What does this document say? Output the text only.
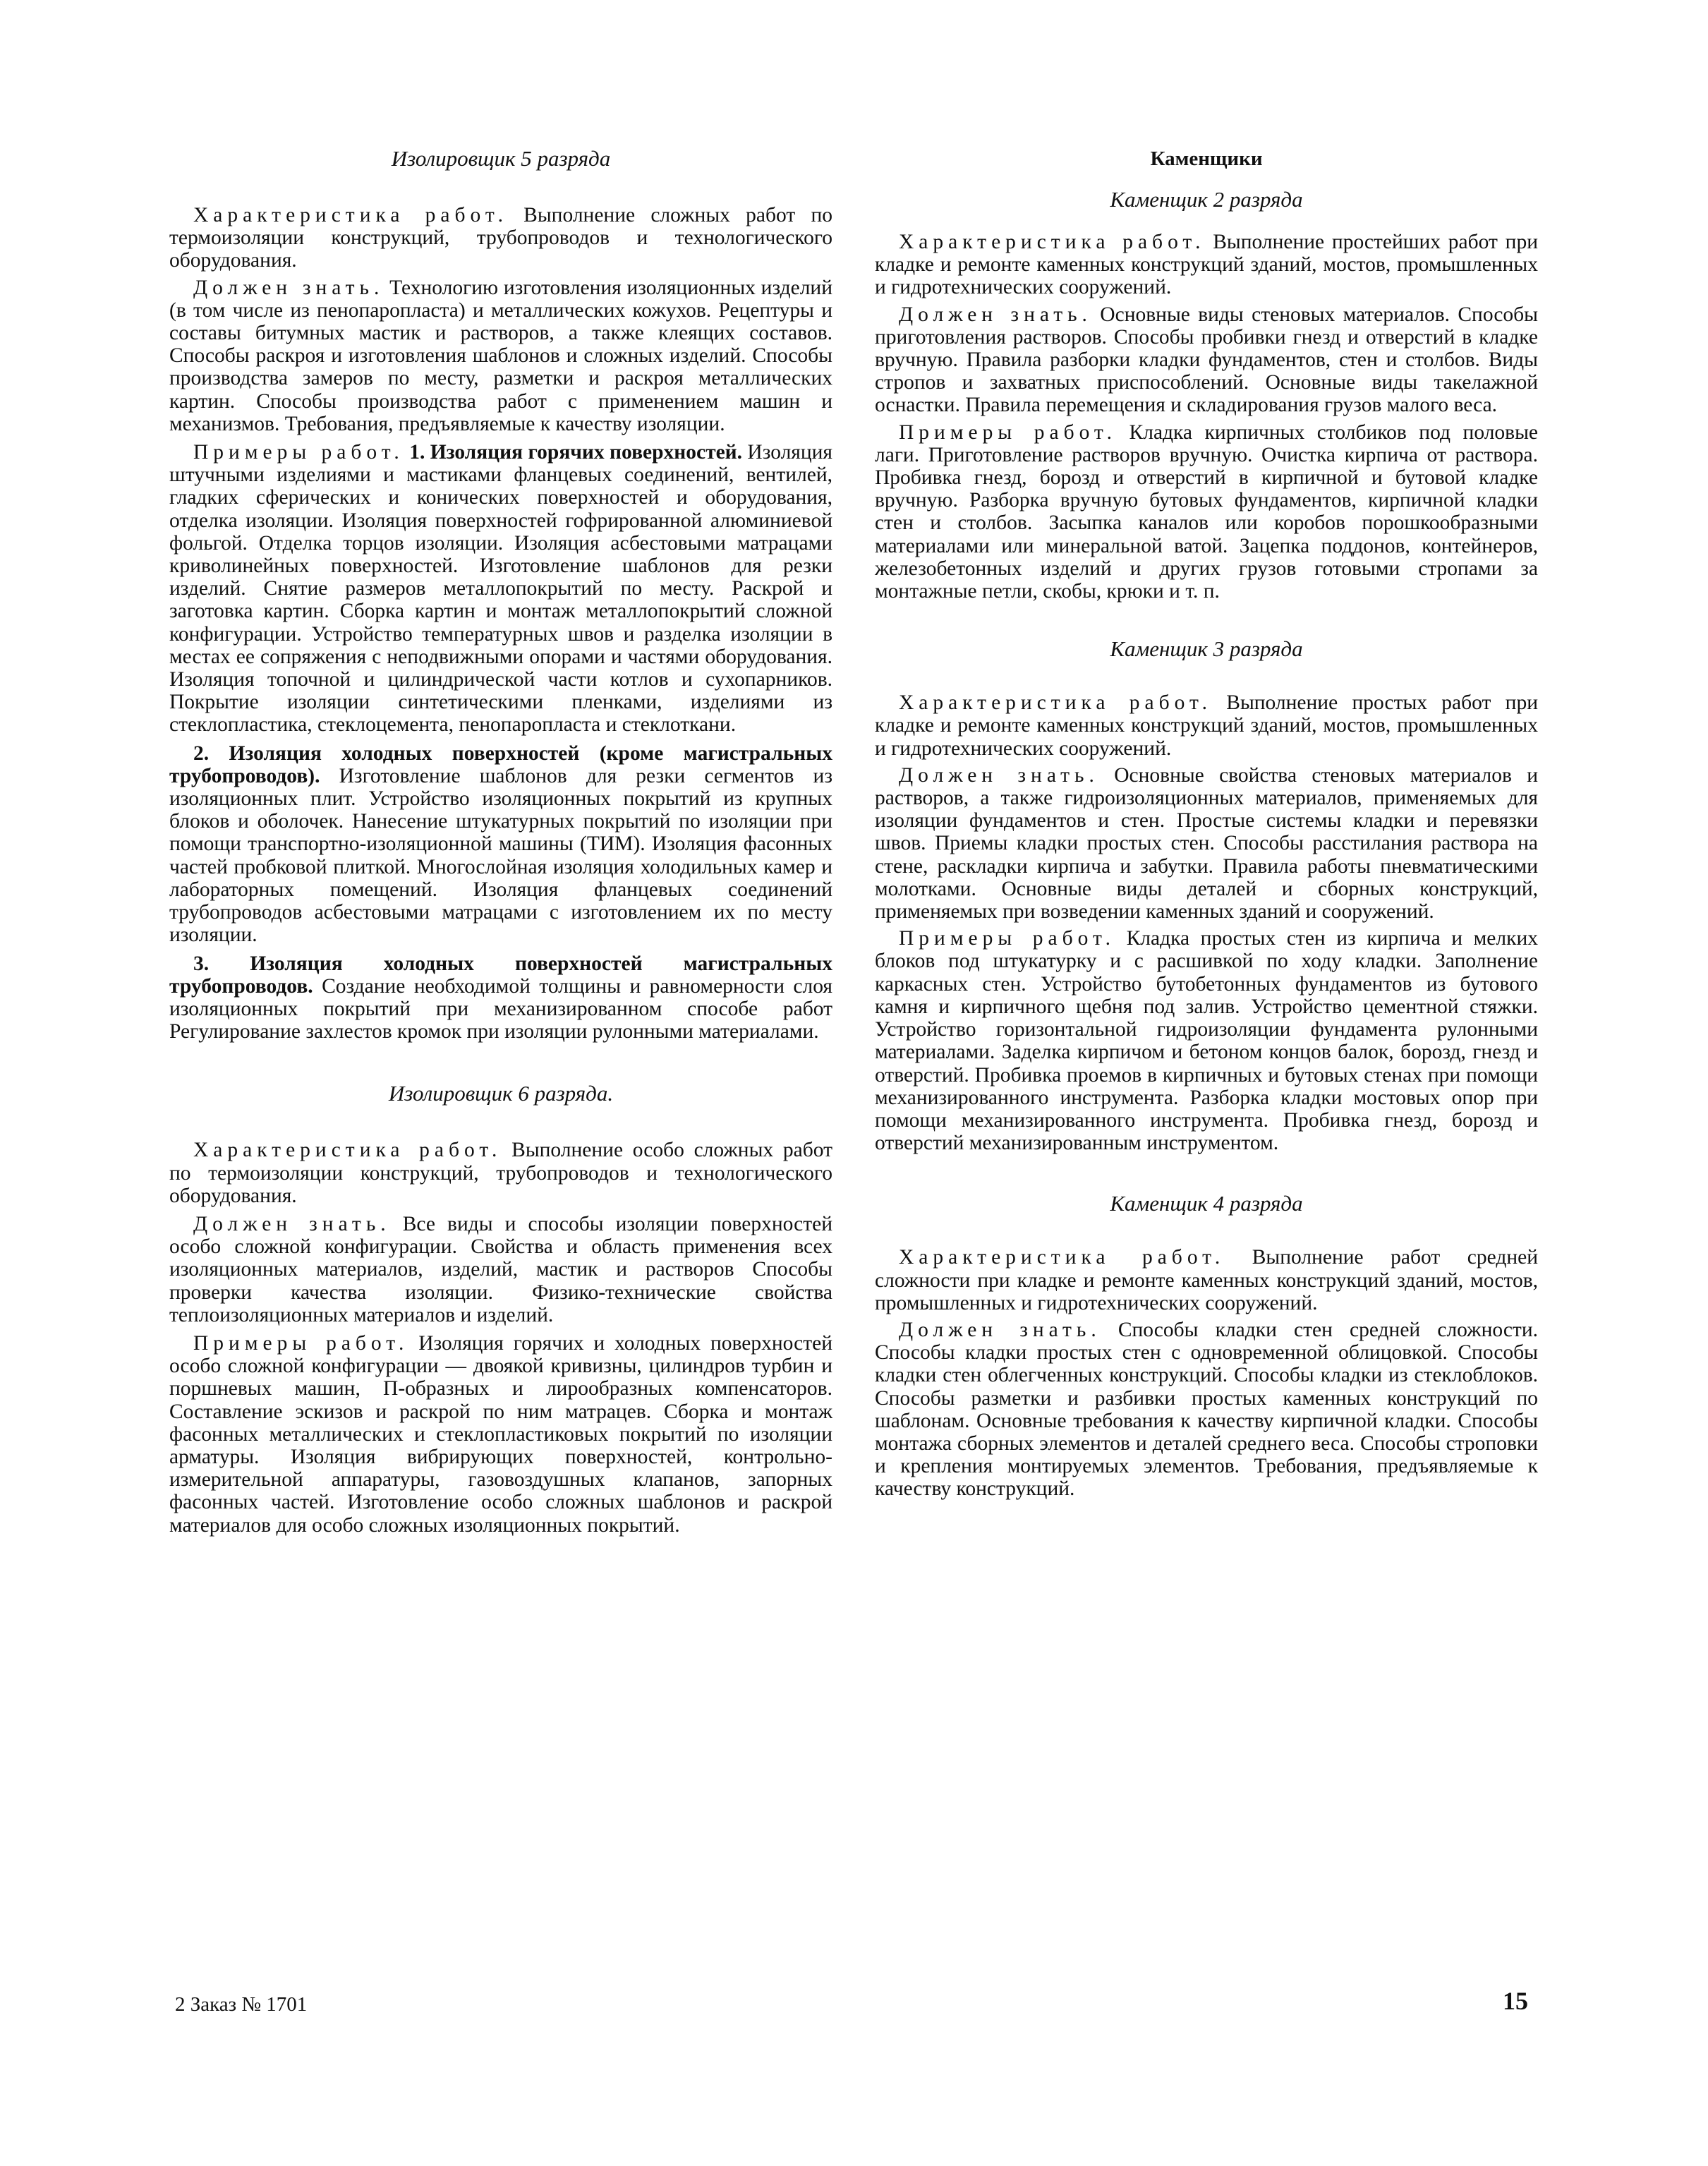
Изолировщик 5 разряда

Характеристика работ. Выполнение сложных работ по термоизоляции конструкций, трубопроводов и технологического оборудования.

Должен знать. Технологию изготовления изоляционных изделий (в том числе из пенопаропласта) и металлических кожухов. Рецептуры и составы битумных мастик и растворов, а также клеящих составов. Способы раскроя и изготовления шаблонов и сложных изделий. Способы производства замеров по месту, разметки и раскроя металлических картин. Способы производства работ с применением машин и механизмов. Требования, предъявляемые к качеству изоляции.

Примеры работ. 1. Изоляция горячих поверхностей. Изоляция штучными изделиями и мастиками фланцевых соединений, вентилей, гладких сферических и конических поверхностей и оборудования, отделка изоляции. Изоляция поверхностей гофрированной алюминиевой фольгой. Отделка торцов изоляции. Изоляция асбестовыми матрацами криволинейных поверхностей. Изготовление шаблонов для резки изделий. Снятие размеров металлопокрытий по месту. Раскрой и заготовка картин. Сборка картин и монтаж металлопокрытий сложной конфигурации. Устройство температурных швов и разделка изоляции в местах ее сопряжения с неподвижными опорами и частями оборудования. Изоляция топочной и цилиндрической части котлов и сухопарников. Покрытие изоляции синтетическими пленками, изделиями из стеклопластика, стеклоцемента, пенопаропласта и стеклоткани.

2. Изоляция холодных поверхностей (кроме магистральных трубопроводов). Изготовление шаблонов для резки сегментов из изоляционных плит. Устройство изоляционных покрытий из крупных блоков и оболочек. Нанесение штукатурных покрытий по изоляции при помощи транспортно-изоляционной машины (ТИМ). Изоляция фасонных частей пробковой плиткой. Многослойная изоляция холодильных камер и лабораторных помещений. Изоляция фланцевых соединений трубопроводов асбестовыми матрацами с изготовлением их по месту изоляции.

3. Изоляция холодных поверхностей магистральных трубопроводов. Создание необходимой толщины и равномерности слоя изоляционных покрытий при механизированном способе работ Регулирование захлестов кромок при изоляции рулонными материалами.

Изолировщик 6 разряда.

Характеристика работ. Выполнение особо сложных работ по термоизоляции конструкций, трубопроводов и технологического оборудования.

Должен знать. Все виды и способы изоляции поверхностей особо сложной конфигурации. Свойства и область применения всех изоляционных материалов, изделий, мастик и растворов Способы проверки качества изоляции. Физико-технические свойства теплоизоляционных материалов и изделий.

Примеры работ. Изоляция горячих и холодных поверхностей особо сложной конфигурации — двоякой кривизны, цилиндров турбин и поршневых машин, П-образных и лирообразных компенсаторов. Составление эскизов и раскрой по ним матрацев. Сборка и монтаж фасонных металлических и стеклопластиковых покрытий по изоляции арматуры. Изоляция вибрирующих поверхностей, контрольно-измерительной аппаратуры, газовоздушных клапанов, запорных фасонных частей. Изготовление особо сложных шаблонов и раскрой материалов для особо сложных изоляционных покрытий.

Каменщики

Каменщик 2 разряда

Характеристика работ. Выполнение простейших работ при кладке и ремонте каменных конструкций зданий, мостов, промышленных и гидротехнических сооружений.

Должен знать. Основные виды стеновых материалов. Способы приготовления растворов. Способы пробивки гнезд и отверстий в кладке вручную. Правила разборки кладки фундаментов, стен и столбов. Виды стропов и захватных приспособлений. Основные виды такелажной оснастки. Правила перемещения и складирования грузов малого веса.

Примеры работ. Кладка кирпичных столбиков под половые лаги. Приготовление растворов вручную. Очистка кирпича от раствора. Пробивка гнезд, борозд и отверстий в кирпичной и бутовой кладке вручную. Разборка вручную бутовых фундаментов, кирпичной кладки стен и столбов. Засыпка каналов или коробов порошкообразными материалами или минеральной ватой. Зацепка поддонов, контейнеров, железобетонных изделий и других грузов готовыми стропами за монтажные петли, скобы, крюки и т. п.

Каменщик 3 разряда

Характеристика работ. Выполнение простых работ при кладке и ремонте каменных конструкций зданий, мостов, промышленных и гидротехнических сооружений.

Должен знать. Основные свойства стеновых материалов и растворов, а также гидроизоляционных материалов, применяемых для изоляции фундаментов и стен. Простые системы кладки и перевязки швов. Приемы кладки простых стен. Способы расстилания раствора на стене, раскладки кирпича и забутки. Правила работы пневматическими молотками. Основные виды деталей и сборных конструкций, применяемых при возведении каменных зданий и сооружений.

Примеры работ. Кладка простых стен из кирпича и мелких блоков под штукатурку и с расшивкой по ходу кладки. Заполнение каркасных стен. Устройство бутобетонных фундаментов из бутового камня и кирпичного щебня под залив. Устройство цементной стяжки. Устройство горизонтальной гидроизоляции фундамента рулонными материалами. Заделка кирпичом и бетоном концов балок, борозд, гнезд и отверстий. Пробивка проемов в кирпичных и бутовых стенах при помощи механизированного инструмента. Разборка кладки мостовых опор при помощи механизированного инструмента. Пробивка гнезд, борозд и отверстий механизированным инструментом.

Каменщик 4 разряда

Характеристика работ. Выполнение работ средней сложности при кладке и ремонте каменных конструкций зданий, мостов, промышленных и гидротехнических сооружений.

Должен знать. Способы кладки стен средней сложности. Способы кладки простых стен с одновременной облицовкой. Способы кладки стен облегченных конструкций. Способы кладки из стеклоблоков. Способы разметки и разбивки простых каменных конструкций по шаблонам. Основные требования к качеству кирпичной кладки. Способы монтажа сборных элементов и деталей среднего веса. Способы строповки и крепления монтируемых элементов. Требования, предъявляемые к качеству конструкций.

2 Заказ № 1701	15
